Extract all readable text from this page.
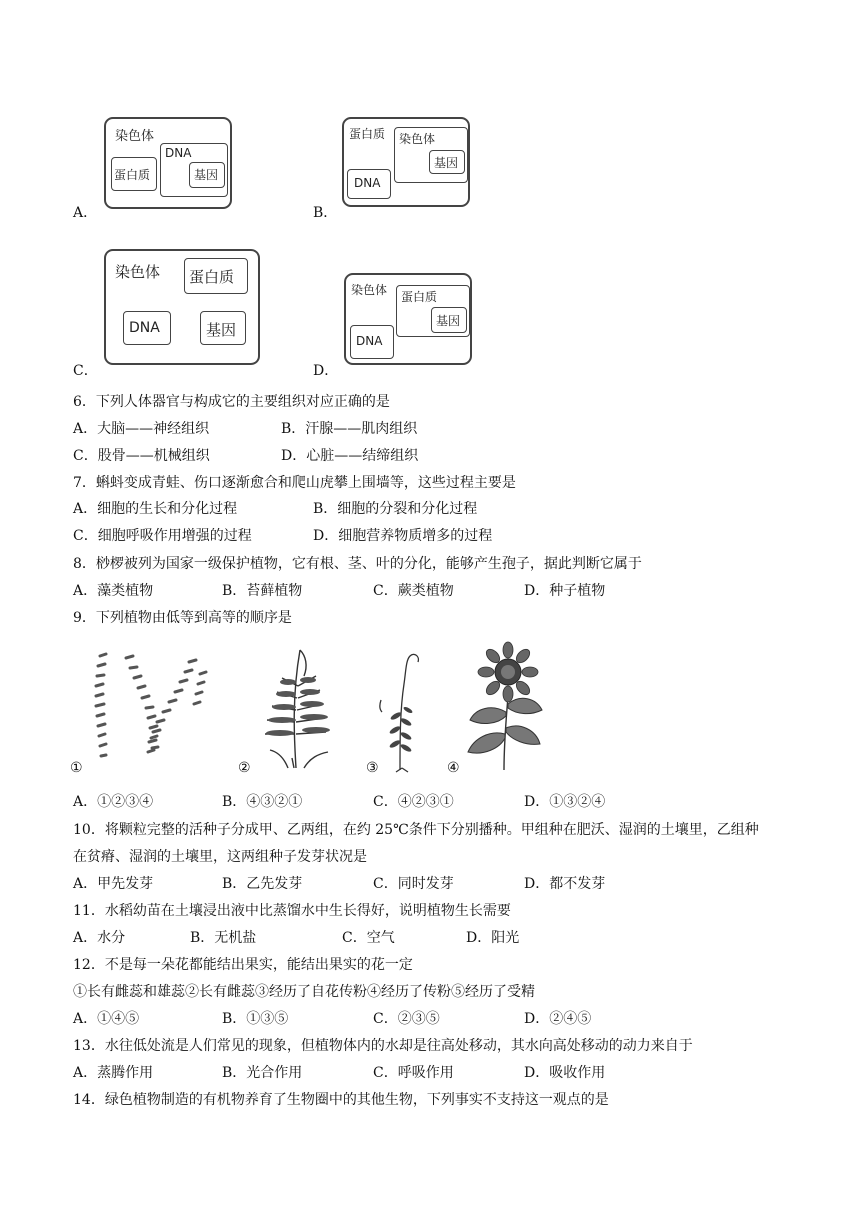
A．
染色体
DNA
基因
蛋白质
B．
蛋白质 染色体
基因
DNA
C．
染色体 蛋白质
DNA	基因
D．
染色体 蛋白质
基因
DNA
6．下列人体器官与构成它的主要组织对应正确的是
A．大脑——神经组织	B．汗腺——肌肉组织
C．股骨——机械组织	D．心脏——结缔组织
7．蝌蚪变成青蛙、伤口逐渐愈合和爬山虎攀上围墙等，这些过程主要是
A．细胞的生长和分化过程	B．细胞的分裂和分化过程
C．细胞呼吸作用增强的过程	D．细胞营养物质增多的过程
8．桫椤被列为国家一级保护植物，它有根、茎、叶的分化，能够产生孢子，据此判断它属于
A．藻类植物	B．苔藓植物	C．蕨类植物	D．种子植物
9．下列植物由低等到高等的顺序是
①	②	③	④
A．①②③④	B．④③②①	C．④②③①	D．①③②④
10．将颗粒完整的活种子分成甲、乙两组，在约 25℃条件下分别播种。甲组种在肥沃、湿润的土壤里，乙组种
在贫瘠、湿润的土壤里，这两组种子发芽状况是
A．甲先发芽	B．乙先发芽	C．同时发芽	D．都不发芽
11．水稻幼苗在土壤浸出液中比蒸馏水中生长得好，说明植物生长需要
A．水分	B．无机盐	C．空气	D．阳光
12．不是每一朵花都能结出果实，能结出果实的花一定
①长有雌蕊和雄蕊②长有雌蕊③经历了自花传粉④经历了传粉⑤经历了受精
A．①④⑤	B．①③⑤	C．②③⑤	D．②④⑤
13．水往低处流是人们常见的现象，但植物体内的水却是往高处移动，其水向高处移动的动力来自于
A．蒸腾作用	B．光合作用	C．呼吸作用	D．吸收作用
14．绿色植物制造的有机物养育了生物圈中的其他生物，下列事实不支持这一观点的是
